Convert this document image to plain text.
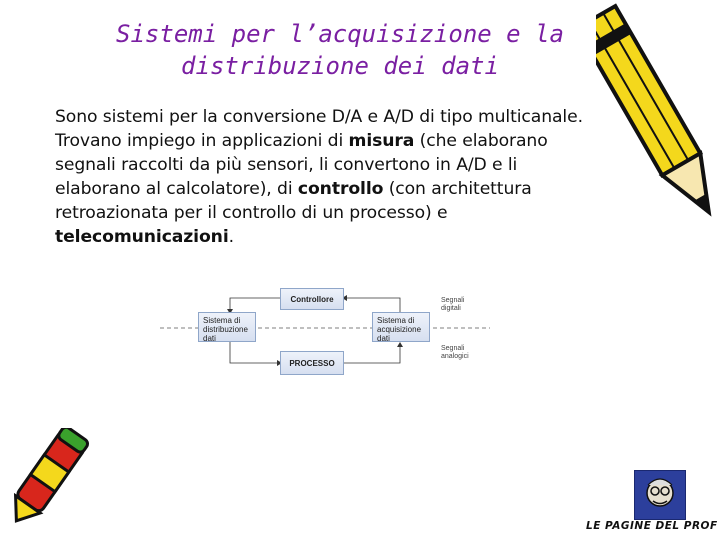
Sistemi per l’acquisizione e la
distribuzione dei dati
Sono sistemi per la conversione D/A e A/D di tipo multicanale. Trovano impiego in applicazioni di misura (che elaborano segnali raccolti da più sensori, li convertono in A/D e li elaborano al calcolatore), di controllo (con architettura retroazionata per il controllo di un processo) e telecomunicazioni.
Controllore
Sistema di
distribuzione
dati
Sistema di
acquisizione
dati
PROCESSO
Segnali
digitali
Segnali
analogici
LE PAGINE DEL PROF
